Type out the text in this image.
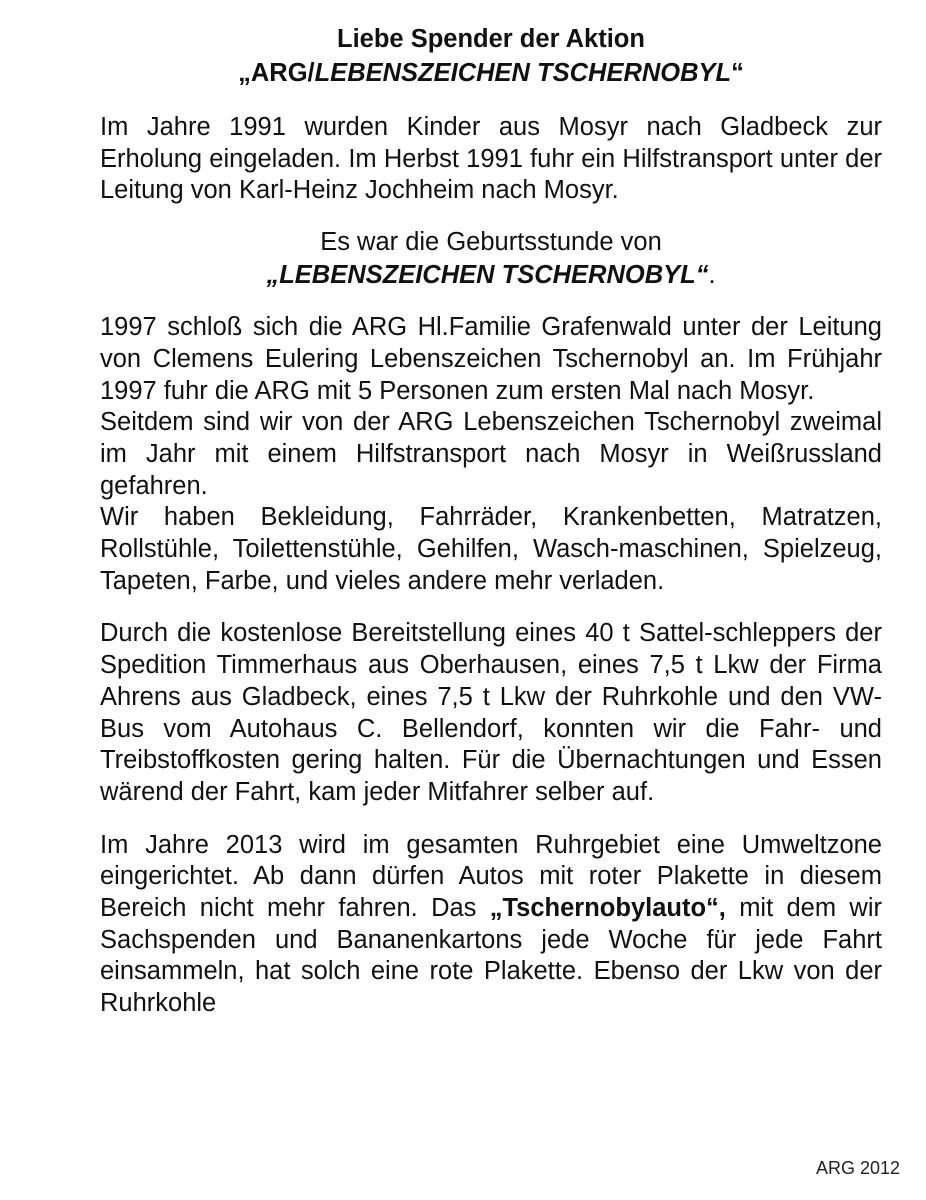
Liebe Spender der Aktion
„ARG/LEBENSZEICHEN TSCHERNOBYL“

Im Jahre 1991 wurden Kinder aus Mosyr nach Gladbeck zur Erholung eingeladen. Im Herbst 1991 fuhr ein Hilfstransport unter der Leitung von Karl-Heinz Jochheim nach Mosyr.

Es war die Geburtsstunde von
„LEBENSZEICHEN TSCHERNOBYL“.

1997 schloß sich die ARG Hl.Familie Grafenwald unter der Leitung von Clemens Eulering Lebenszeichen Tschernobyl an. Im Frühjahr 1997 fuhr die ARG mit 5 Personen zum ersten Mal nach Mosyr.

Seitdem sind wir von der ARG Lebenszeichen Tschernobyl zweimal im Jahr mit einem Hilfstransport nach Mosyr in Weißrussland gefahren.

Wir haben Bekleidung, Fahrräder, Krankenbetten, Matratzen, Rollstühle, Toilettenstühle, Gehilfen, Wasch-maschinen, Spielzeug, Tapeten, Farbe, und vieles andere mehr verladen.

Durch die kostenlose Bereitstellung eines 40 t Sattel-schleppers der Spedition Timmerhaus aus Oberhausen, eines 7,5 t Lkw der Firma Ahrens aus Gladbeck, eines 7,5 t Lkw der Ruhrkohle und den VW-Bus vom Autohaus C. Bellendorf, konnten wir die Fahr- und Treibstoffkosten gering halten. Für die Übernachtungen und Essen wärend der Fahrt, kam jeder Mitfahrer selber auf.

Im Jahre 2013 wird im gesamten Ruhrgebiet eine Umweltzone eingerichtet. Ab dann dürfen Autos mit roter Plakette in diesem Bereich nicht mehr fahren. Das „Tschernobylauto“, mit dem wir Sachspenden und Bananenkartons jede Woche für jede Fahrt einsammeln, hat solch eine rote Plakette. Ebenso der Lkw von der Ruhrkohle

ARG 2012
